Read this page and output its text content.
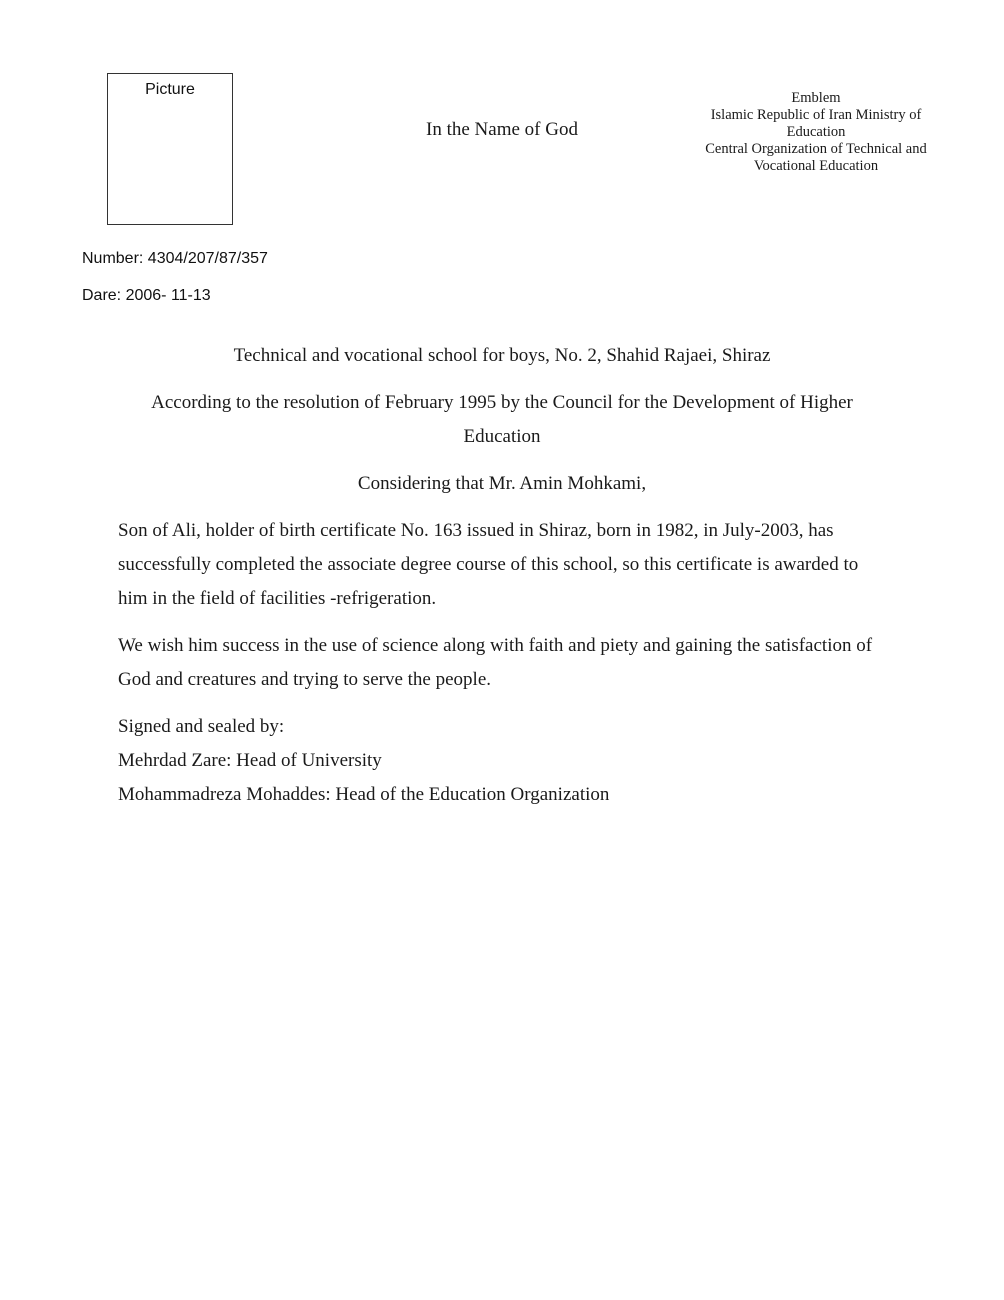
Picture
In the Name of God
Emblem
Islamic Republic of Iran Ministry of Education
Central Organization of Technical and Vocational Education
Number: 4304/207/87/357
Dare: 2006- 11-13
Technical and vocational school for boys, No. 2, Shahid Rajaei, Shiraz
According to the resolution of February 1995 by the Council for the Development of Higher Education
Considering that Mr. Amin Mohkami,
Son of Ali, holder of birth certificate No. 163 issued in Shiraz, born in 1982, in July-2003, has successfully completed the associate degree course of this school, so this certificate is awarded to him in the field of facilities -refrigeration.
We wish him success in the use of science along with faith and piety and gaining the satisfaction of God and creatures and trying to serve the people.
Signed and sealed by:
Mehrdad Zare: Head of University
Mohammadreza Mohaddes: Head of the Education Organization
